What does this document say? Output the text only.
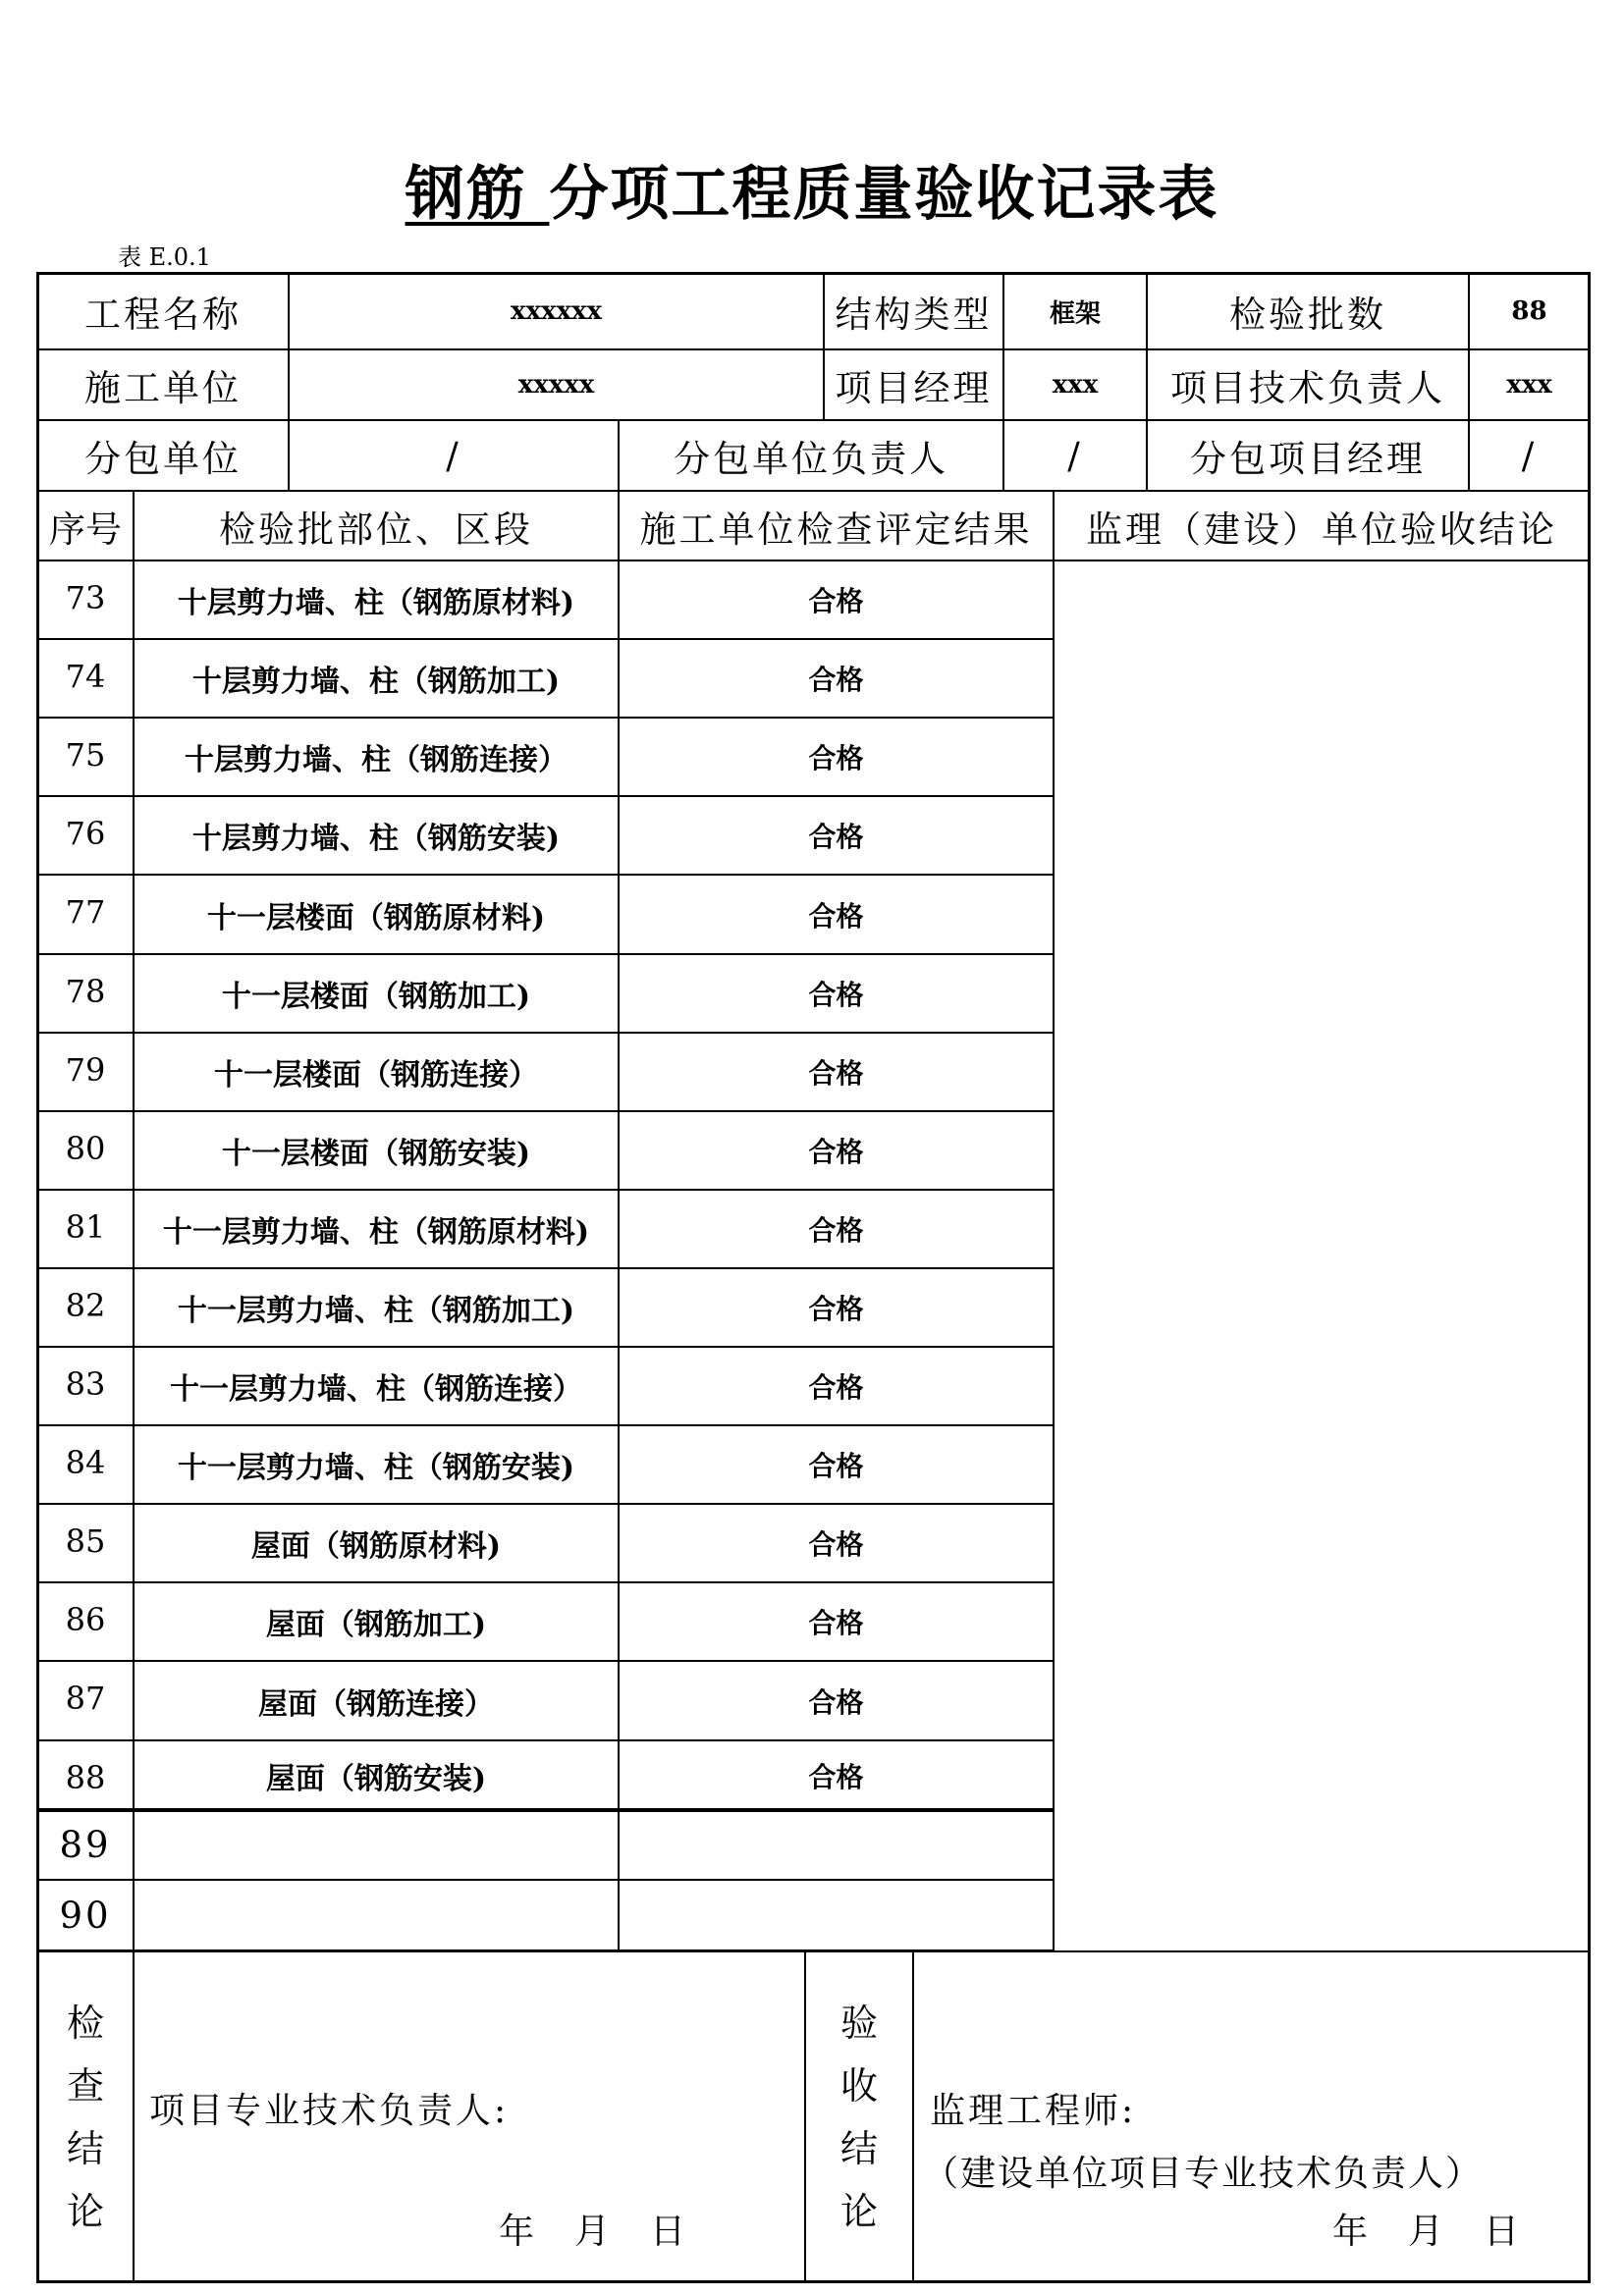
钢筋 分项工程质量验收记录表
表 E.0.1
工程名称	xxxxxx	结构类型	框架	检验批数	88
施工单位	xxxxx	项目经理	xxx	项目技术负责人	xxx
分包单位	/	分包单位负责人	/	分包项目经理	/
序号	检验批部位、区段	施工单位检查评定结果	监理（建设）单位验收结论
73	十层剪力墙、柱（钢筋原材料)	合格
74	十层剪力墙、柱（钢筋加工)	合格
75	十层剪力墙、柱（钢筋连接）	合格
76	十层剪力墙、柱（钢筋安装)	合格
77	十一层楼面（钢筋原材料)	合格
78	十一层楼面（钢筋加工)	合格
79	十一层楼面（钢筋连接）	合格
80	十一层楼面（钢筋安装)	合格
81	十一层剪力墙、柱（钢筋原材料)	合格
82	十一层剪力墙、柱（钢筋加工)	合格
83	十一层剪力墙、柱（钢筋连接）	合格
84	十一层剪力墙、柱（钢筋安装)	合格
85	屋面（钢筋原材料)	合格
86	屋面（钢筋加工)	合格
87	屋面（钢筋连接）	合格
88	屋面（钢筋安装)	合格
89
90
检
查
结
论
验
收
结
论
项目专业技术负责人:
年 月 日
监理工程师:
（建设单位项目专业技术负责人）
年 月 日
